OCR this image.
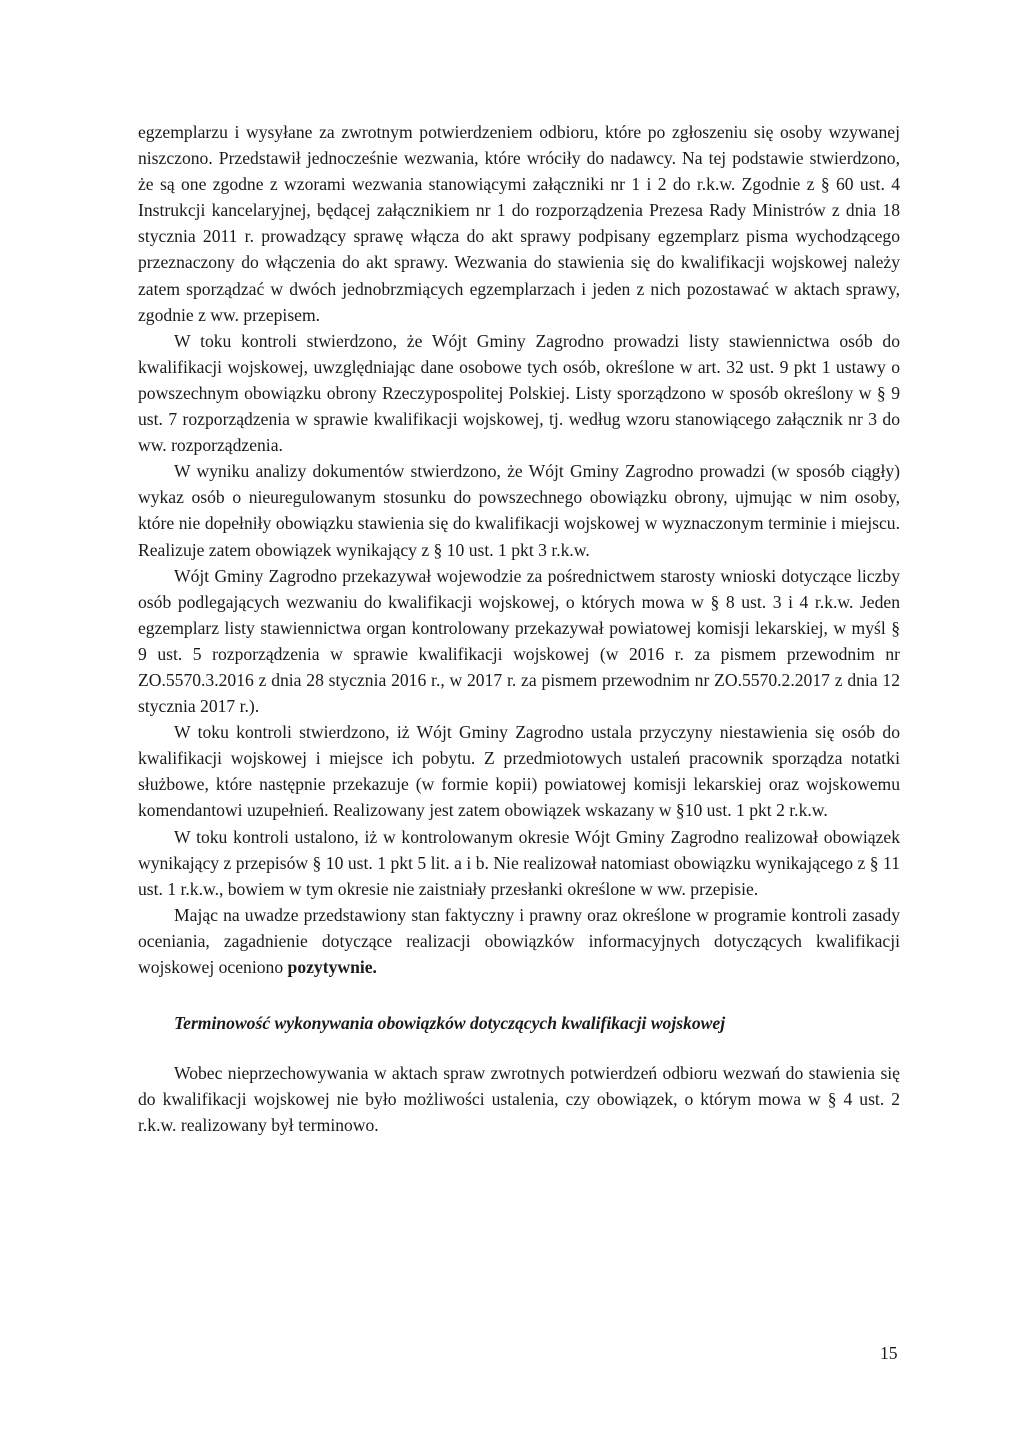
egzemplarzu i wysyłane za zwrotnym potwierdzeniem odbioru, które po zgłoszeniu się osoby wzywanej niszczono. Przedstawił jednocześnie wezwania, które wróciły do nadawcy. Na tej podstawie stwierdzono, że są one zgodne z wzorami wezwania stanowiącymi załączniki nr 1 i 2 do r.k.w. Zgodnie z § 60 ust. 4 Instrukcji kancelaryjnej, będącej załącznikiem nr 1 do rozporządzenia Prezesa Rady Ministrów z dnia 18 stycznia 2011 r. prowadzący sprawę włącza do akt sprawy podpisany egzemplarz pisma wychodzącego przeznaczony do włączenia do akt sprawy. Wezwania do stawienia się do kwalifikacji wojskowej należy zatem sporządzać w dwóch jednobrzmiących egzemplarzach i jeden z nich pozostawać w aktach sprawy, zgodnie z ww. przepisem.

W toku kontroli stwierdzono, że Wójt Gminy Zagrodno prowadzi listy stawiennictwa osób do kwalifikacji wojskowej, uwzględniając dane osobowe tych osób, określone w art. 32 ust. 9 pkt 1 ustawy o powszechnym obowiązku obrony Rzeczypospolitej Polskiej. Listy sporządzono w sposób określony w § 9 ust. 7 rozporządzenia w sprawie kwalifikacji wojskowej, tj. według wzoru stanowiącego załącznik nr 3 do ww. rozporządzenia.

W wyniku analizy dokumentów stwierdzono, że Wójt Gminy Zagrodno prowadzi (w sposób ciągły) wykaz osób o nieuregulowanym stosunku do powszechnego obowiązku obrony, ujmując w nim osoby, które nie dopełniły obowiązku stawienia się do kwalifikacji wojskowej w wyznaczonym terminie i miejscu. Realizuje zatem obowiązek wynikający z § 10 ust. 1 pkt 3 r.k.w.

Wójt Gminy Zagrodno przekazywał wojewodzie za pośrednictwem starosty wnioski dotyczące liczby osób podlegających wezwaniu do kwalifikacji wojskowej, o których mowa w § 8 ust. 3 i 4 r.k.w. Jeden egzemplarz listy stawiennictwa organ kontrolowany przekazywał powiatowej komisji lekarskiej, w myśl § 9 ust. 5 rozporządzenia w sprawie kwalifikacji wojskowej (w 2016 r. za pismem przewodnim nr ZO.5570.3.2016 z dnia 28 stycznia 2016 r., w 2017 r. za pismem przewodnim nr ZO.5570.2.2017 z dnia 12 stycznia 2017 r.).

W toku kontroli stwierdzono, iż Wójt Gminy Zagrodno ustala przyczyny niestawienia się osób do kwalifikacji wojskowej i miejsce ich pobytu. Z przedmiotowych ustaleń pracownik sporządza notatki służbowe, które następnie przekazuje (w formie kopii) powiatowej komisji lekarskiej oraz wojskowemu komendantowi uzupełnień. Realizowany jest zatem obowiązek wskazany w §10 ust. 1 pkt 2 r.k.w.

W toku kontroli ustalono, iż w kontrolowanym okresie Wójt Gminy Zagrodno realizował obowiązek wynikający z przepisów § 10 ust. 1 pkt 5 lit. a i b. Nie realizował natomiast obowiązku wynikającego z § 11 ust. 1 r.k.w., bowiem w tym okresie nie zaistniały przesłanki określone w ww. przepisie.

Mając na uwadze przedstawiony stan faktyczny i prawny oraz określone w programie kontroli zasady oceniania, zagadnienie dotyczące realizacji obowiązków informacyjnych dotyczących kwalifikacji wojskowej oceniono pozytywnie.

Terminowość wykonywania obowiązków dotyczących kwalifikacji wojskowej

Wobec nieprzechowywania w aktach spraw zwrotnych potwierdzeń odbioru wezwań do stawienia się do kwalifikacji wojskowej nie było możliwości ustalenia, czy obowiązek, o którym mowa w § 4 ust. 2 r.k.w. realizowany był terminowo.

15
